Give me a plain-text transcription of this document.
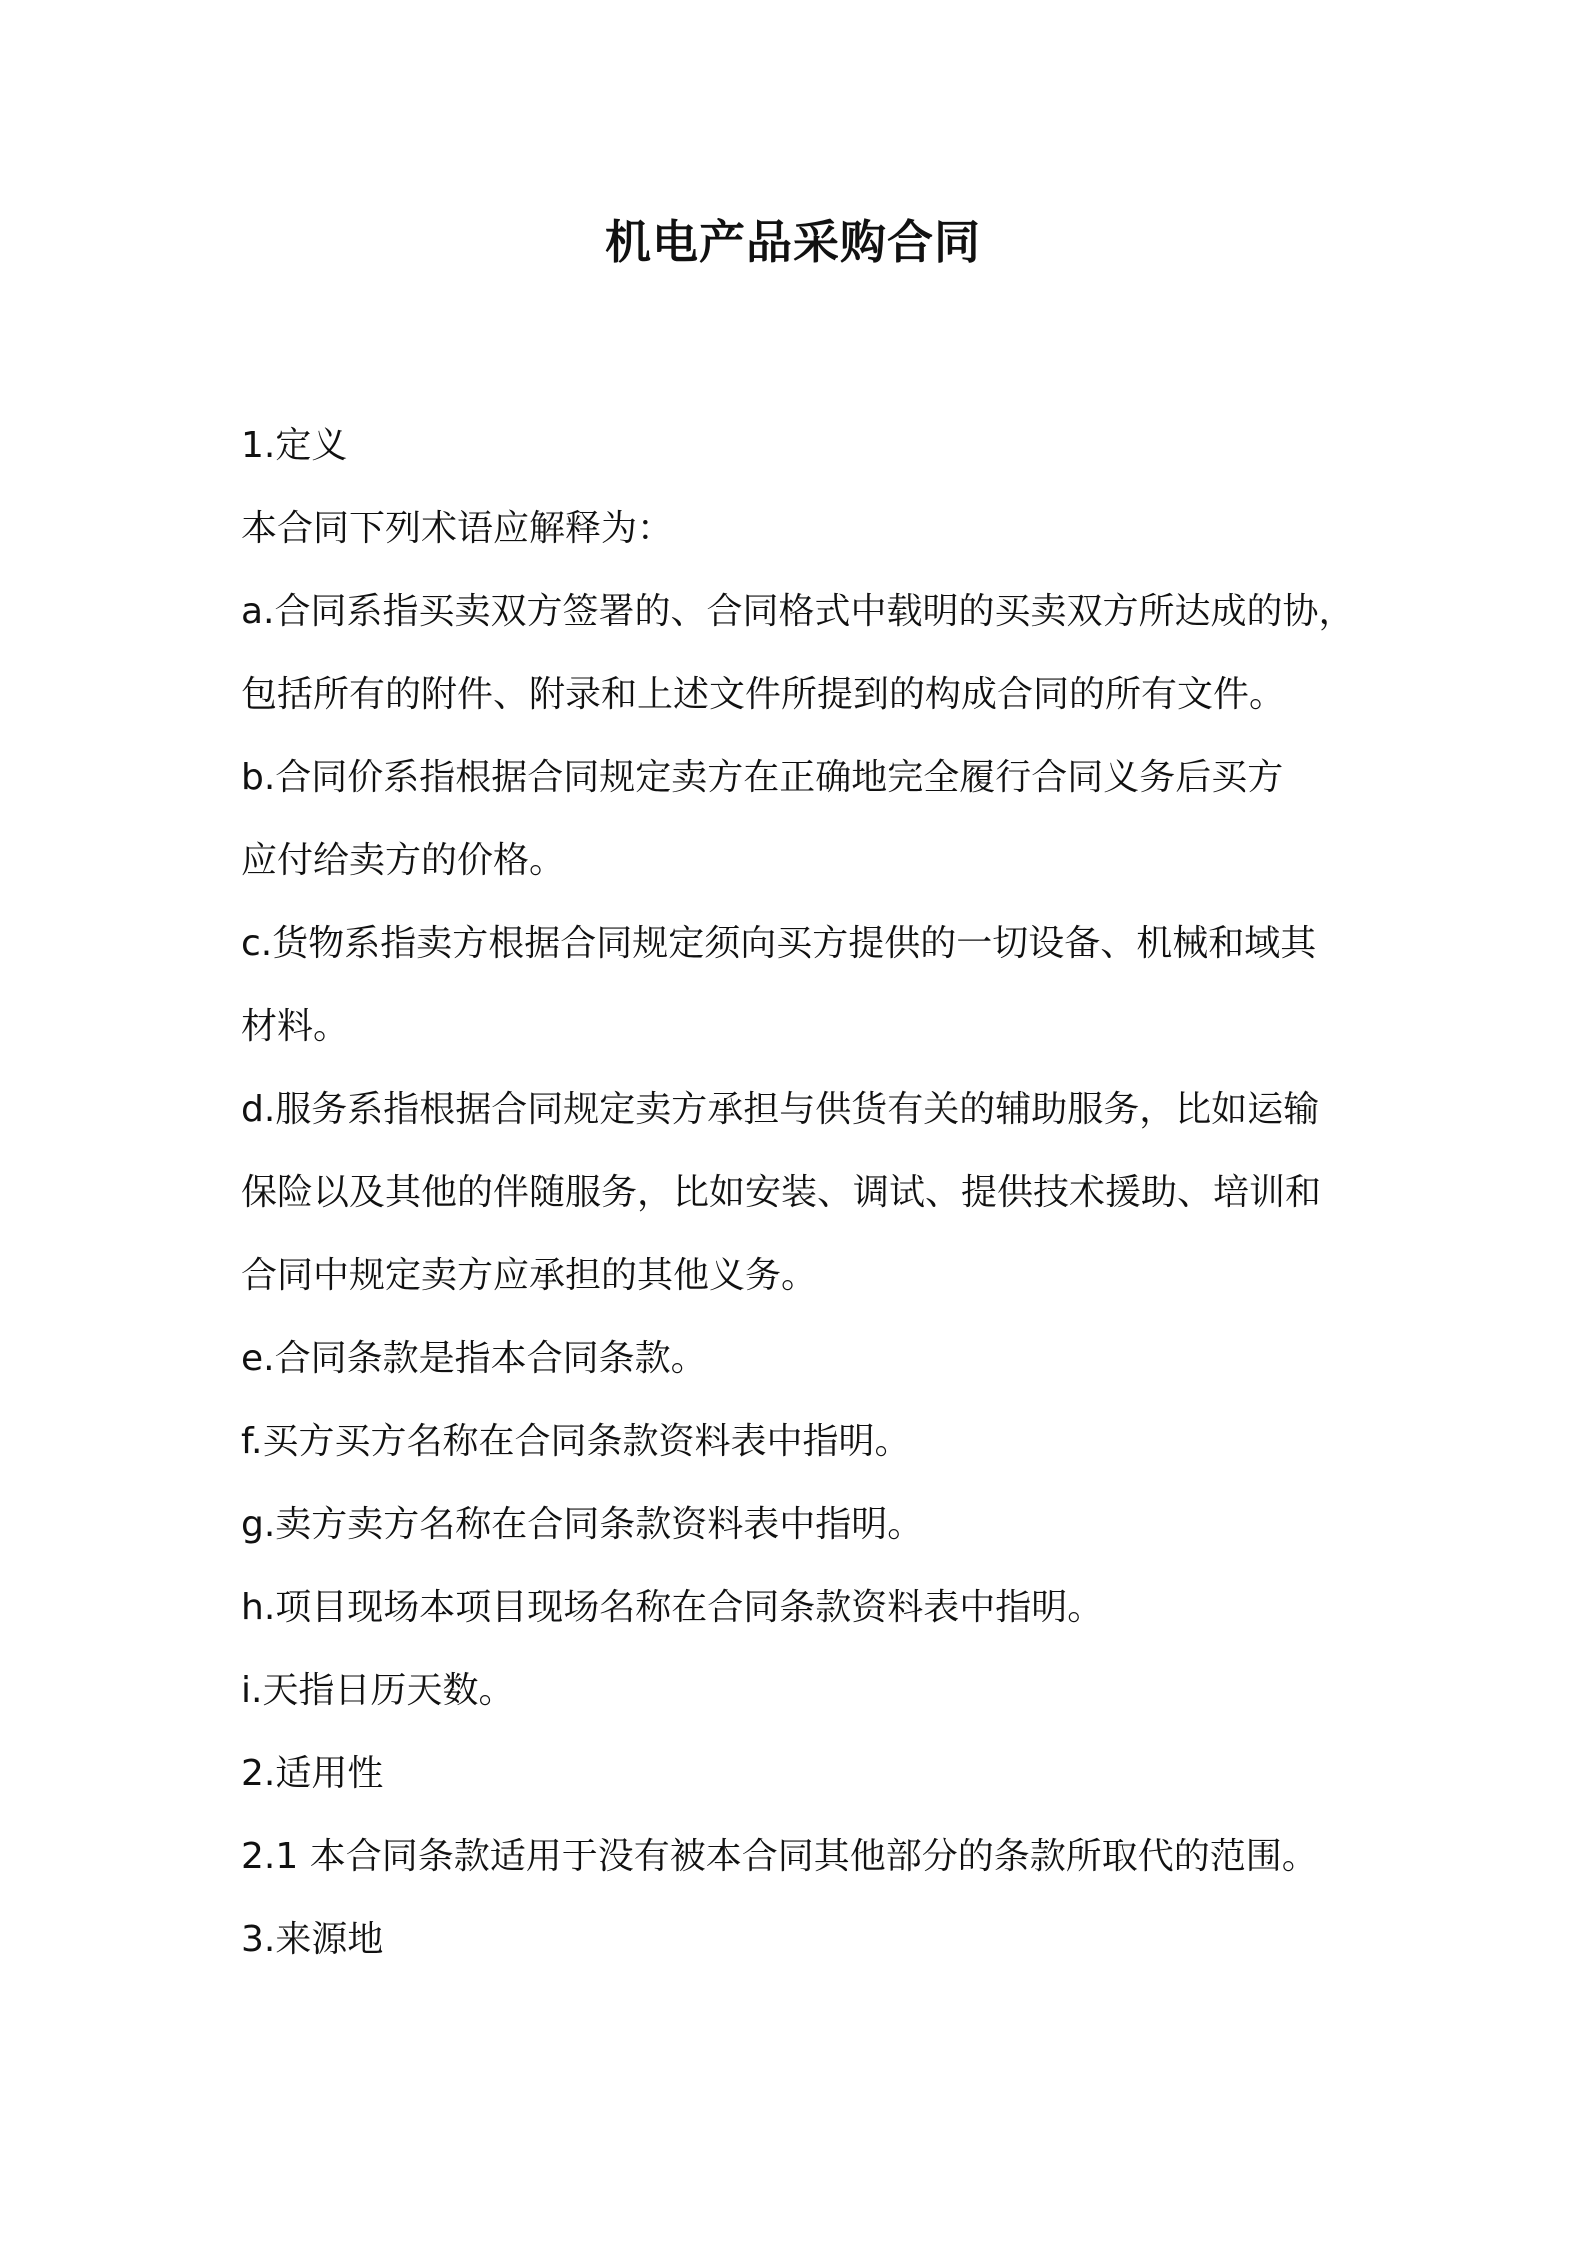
机电产品采购合同

1.定义

本合同下列术语应解释为：

a.合同系指买卖双方签署的、合同格式中载明的买卖双方所达成的协，

包括所有的附件、附录和上述文件所提到的构成合同的所有文件。

b.合同价系指根据合同规定卖方在正确地完全履行合同义务后买方

应付给卖方的价格。

c.货物系指卖方根据合同规定须向买方提供的一切设备、机械和域其

材料。

d.服务系指根据合同规定卖方承担与供货有关的辅助服务，比如运输

保险以及其他的伴随服务，比如安装、调试、提供技术援助、培训和

合同中规定卖方应承担的其他义务。

e.合同条款是指本合同条款。

f.买方买方名称在合同条款资料表中指明。

g.卖方卖方名称在合同条款资料表中指明。

h.项目现场本项目现场名称在合同条款资料表中指明。

i.天指日历天数。

2.适用性

2.1 本合同条款适用于没有被本合同其他部分的条款所取代的范围。

3.来源地
